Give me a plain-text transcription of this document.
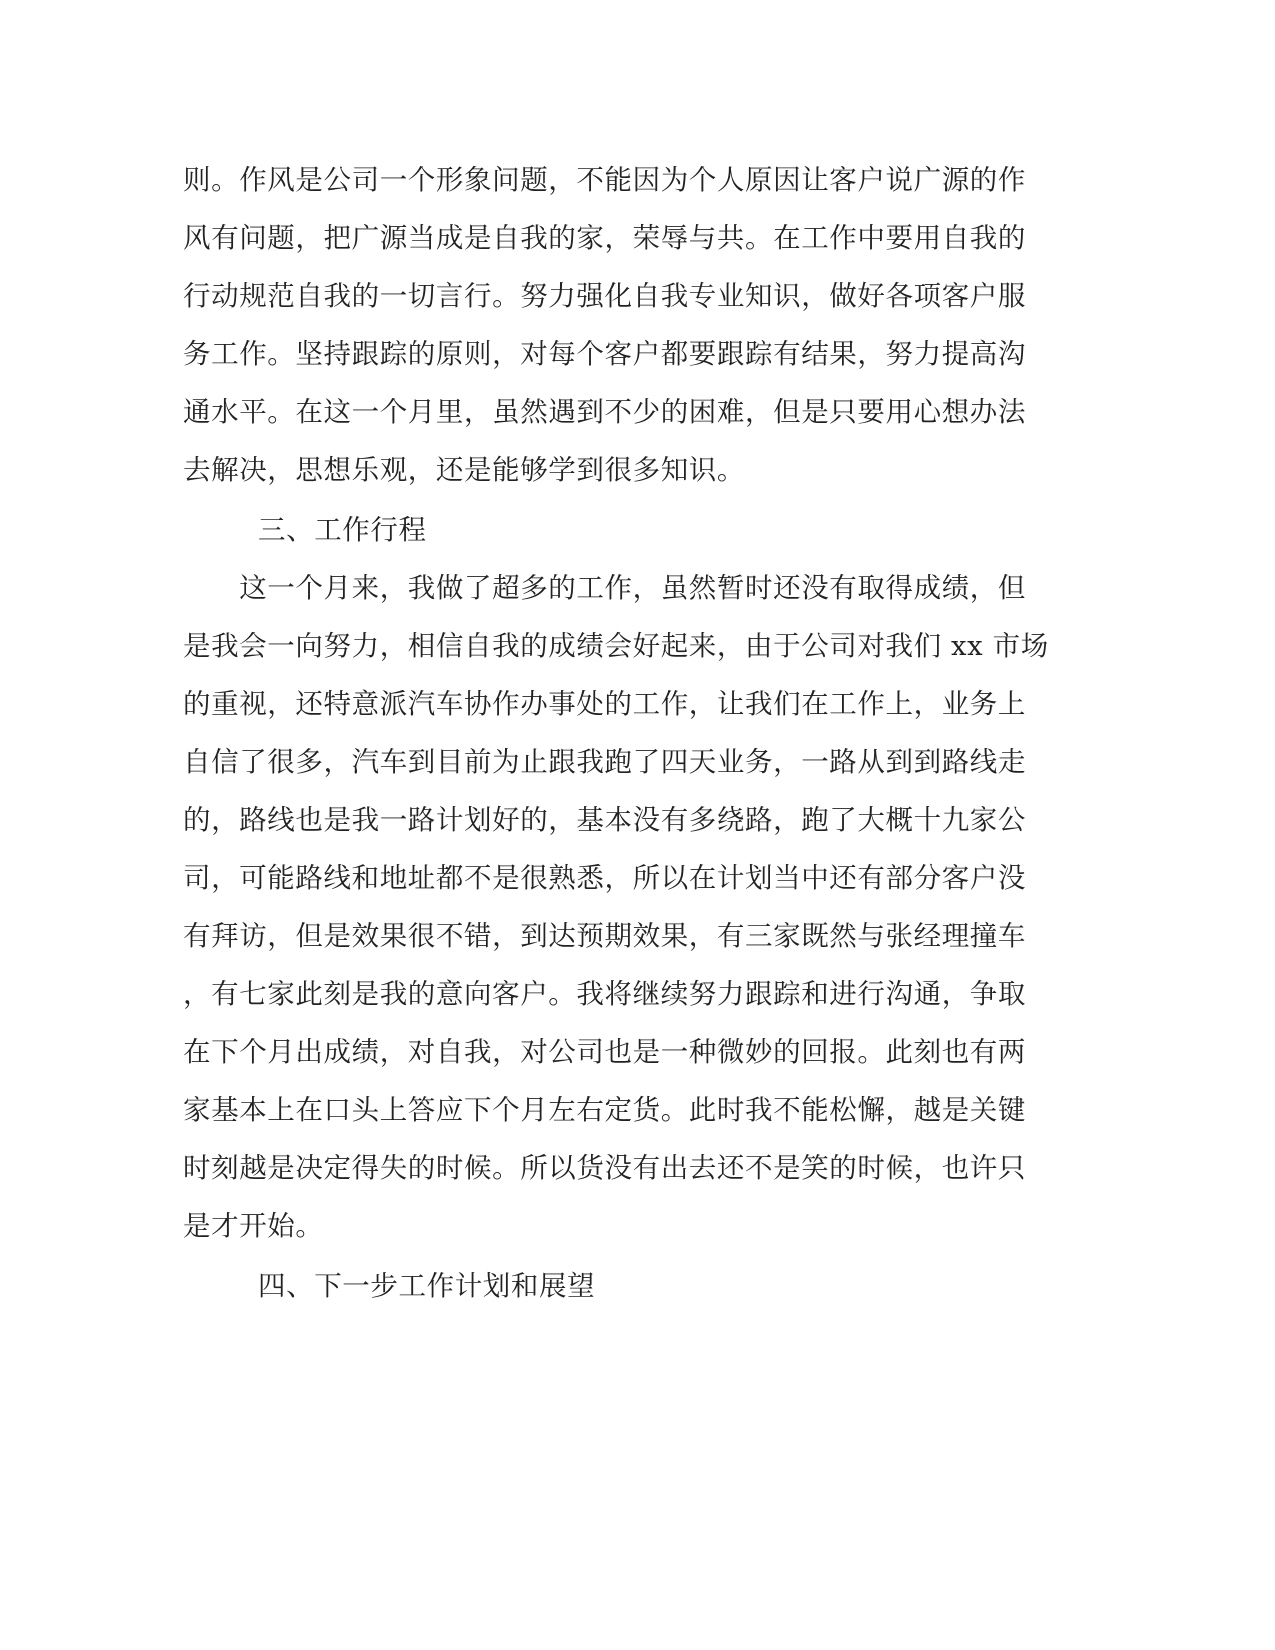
则。作风是公司一个形象问题，不能因为个人原因让客户说广源的作
风有问题，把广源当成是自我的家，荣辱与共。在工作中要用自我的
行动规范自我的一切言行。努力强化自我专业知识，做好各项客户服
务工作。坚持跟踪的原则，对每个客户都要跟踪有结果，努力提高沟
通水平。在这一个月里，虽然遇到不少的困难，但是只要用心想办法
去解决，思想乐观，还是能够学到很多知识。
三、工作行程
　　这一个月来，我做了超多的工作，虽然暂时还没有取得成绩，但
是我会一向努力，相信自我的成绩会好起来，由于公司对我们 xx 市场
的重视，还特意派汽车协作办事处的工作，让我们在工作上，业务上
自信了很多，汽车到目前为止跟我跑了四天业务，一路从到到路线走
的，路线也是我一路计划好的，基本没有多绕路，跑了大概十九家公
司，可能路线和地址都不是很熟悉，所以在计划当中还有部分客户没
有拜访，但是效果很不错，到达预期效果，有三家既然与张经理撞车
，有七家此刻是我的意向客户。我将继续努力跟踪和进行沟通，争取
在下个月出成绩，对自我，对公司也是一种微妙的回报。此刻也有两
家基本上在口头上答应下个月左右定货。此时我不能松懈，越是关键
时刻越是决定得失的时候。所以货没有出去还不是笑的时候，也许只
是才开始。
四、下一步工作计划和展望
